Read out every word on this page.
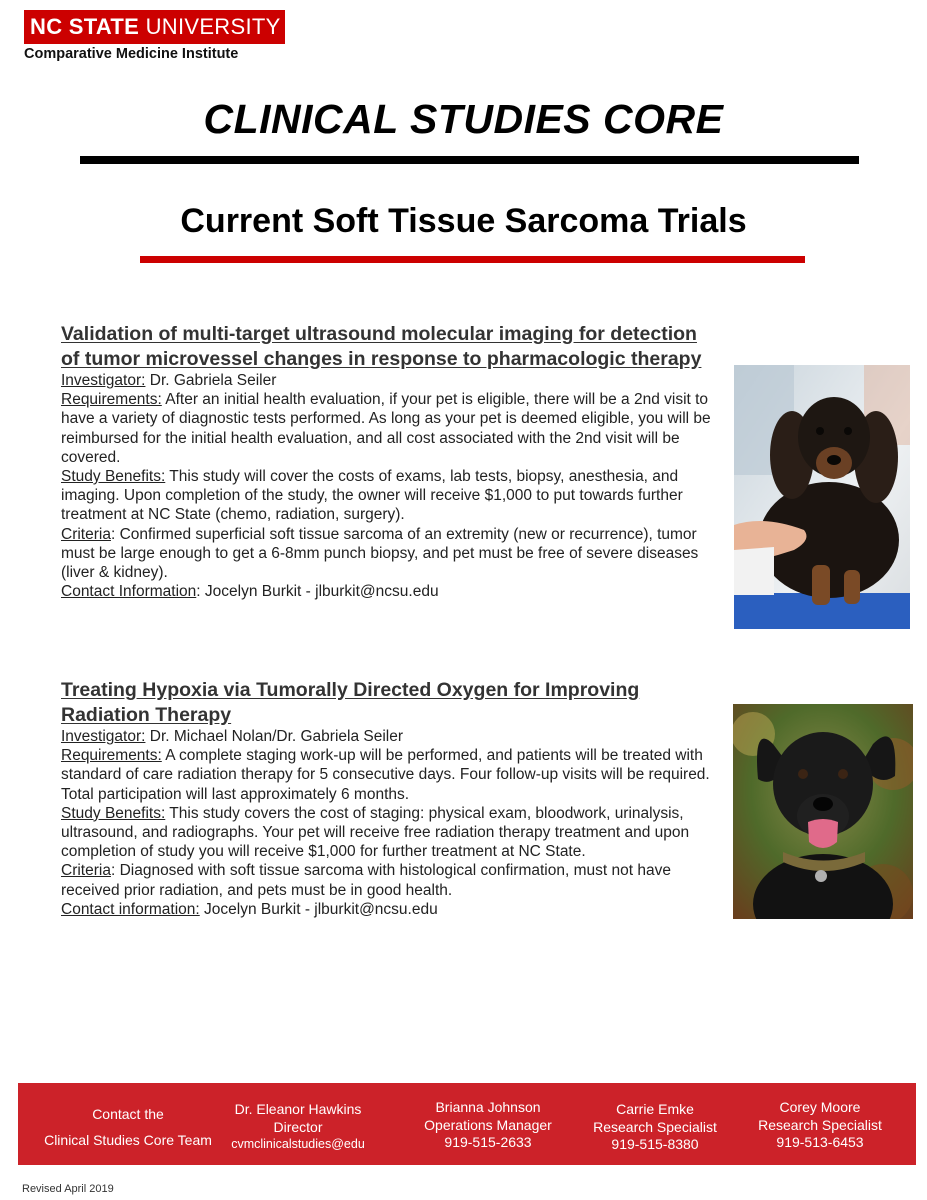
NC STATE UNIVERSITY
Comparative Medicine Institute
CLINICAL STUDIES CORE
Current Soft Tissue Sarcoma Trials
Validation of multi-target ultrasound molecular imaging for detection of tumor microvessel changes in response to pharmacologic therapy

Investigator: Dr. Gabriela Seiler

Requirements: After an initial health evaluation, if your pet is eligible, there will be a 2nd visit to have a variety of diagnostic tests performed. As long as your pet is deemed eligible, you will be reimbursed for the initial health evaluation, and all cost associated with the 2nd visit will be covered.

Study Benefits: This study will cover the costs of exams, lab tests, biopsy, anesthesia, and imaging. Upon completion of the study, the owner will receive $1,000 to put towards further treatment at NC State (chemo, radiation, surgery).

Criteria: Confirmed superficial soft tissue sarcoma of an extremity (new or recurrence), tumor must be large enough to get a 6-8mm punch biopsy, and pet must be free of severe diseases (liver & kidney).

Contact Information: Jocelyn Burkit - jlburkit@ncsu.edu

Treating Hypoxia via Tumorally Directed Oxygen for Improving Radiation Therapy

Investigator: Dr. Michael Nolan/Dr. Gabriela Seiler

Requirements: A complete staging work-up will be performed, and patients will be treated with standard of care radiation therapy for 5 consecutive days. Four follow-up visits will be required. Total participation will last approximately 6 months.

Study Benefits: This study covers the cost of staging: physical exam, bloodwork, urinalysis, ultrasound, and radiographs. Your pet will receive free radiation therapy treatment and upon completion of study you will receive $1,000 for further treatment at NC State.

Criteria: Diagnosed with soft tissue sarcoma with histological confirmation, must not have received prior radiation, and pets must be in good health.

Contact information: Jocelyn Burkit - jlburkit@ncsu.edu

Contact the
Clinical Studies Core Team
Dr. Eleanor Hawkins
Director
cvmclinicalstudies@edu
Brianna Johnson
Operations Manager
919-515-2633
Carrie Emke
Research Specialist
919-515-8380
Corey Moore
Research Specialist
919-513-6453
Revised April 2019
